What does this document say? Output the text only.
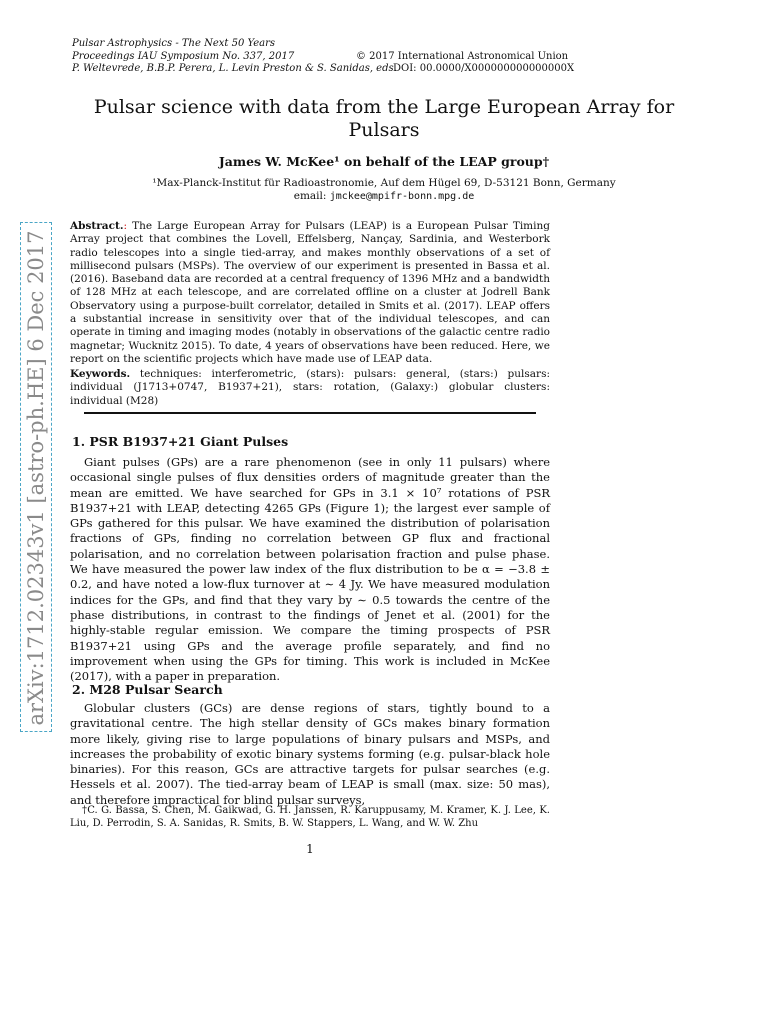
arXiv:1712.02343v1 [astro-ph.HE] 6 Dec 2017
Pulsar Astrophysics - The Next 50 Years
Proceedings IAU Symposium No. 337, 2017
P. Weltevrede, B.B.P. Perera, L. Levin Preston & S. Sanidas, eds.
© 2017 International Astronomical Union
DOI: 00.0000/X000000000000000X
Pulsar science with data from the Large European Array for Pulsars
James W. McKee¹ on behalf of the LEAP group†
¹Max-Planck-Institut für Radioastronomie, Auf dem Hügel 69, D-53121 Bonn, Germany
email: jmckee@mpifr-bonn.mpg.de
Abstract.: The Large European Array for Pulsars (LEAP) is a European Pulsar Timing Array project that combines the Lovell, Effelsberg, Nançay, Sardinia, and Westerbork radio telescopes into a single tied-array, and makes monthly observations of a set of millisecond pulsars (MSPs). The overview of our experiment is presented in Bassa et al. (2016). Baseband data are recorded at a central frequency of 1396 MHz and a bandwidth of 128 MHz at each telescope, and are correlated offline on a cluster at Jodrell Bank Observatory using a purpose-built correlator, detailed in Smits et al. (2017). LEAP offers a substantial increase in sensitivity over that of the individual telescopes, and can operate in timing and imaging modes (notably in observations of the galactic centre radio magnetar; Wucknitz 2015). To date, 4 years of observations have been reduced. Here, we report on the scientific projects which have made use of LEAP data.
Keywords. techniques: interferometric, (stars): pulsars: general, (stars:) pulsars: individual (J1713+0747, B1937+21), stars: rotation, (Galaxy:) globular clusters: individual (M28)
1. PSR B1937+21 Giant Pulses
Giant pulses (GPs) are a rare phenomenon (see in only 11 pulsars) where occasional single pulses of flux densities orders of magnitude greater than the mean are emitted. We have searched for GPs in 3.1 × 10⁷ rotations of PSR B1937+21 with LEAP, detecting 4265 GPs (Figure 1); the largest ever sample of GPs gathered for this pulsar. We have examined the distribution of polarisation fractions of GPs, finding no correlation between GP flux and fractional polarisation, and no correlation between polarisation fraction and pulse phase. We have measured the power law index of the flux distribution to be α = −3.8 ± 0.2, and have noted a low-flux turnover at ∼ 4 Jy. We have measured modulation indices for the GPs, and find that they vary by ∼ 0.5 towards the centre of the phase distributions, in contrast to the findings of Jenet et al. (2001) for the highly-stable regular emission. We compare the timing prospects of PSR B1937+21 using GPs and the average profile separately, and find no improvement when using the GPs for timing. This work is included in McKee (2017), with a paper in preparation.
2. M28 Pulsar Search
Globular clusters (GCs) are dense regions of stars, tightly bound to a gravitational centre. The high stellar density of GCs makes binary formation more likely, giving rise to large populations of binary pulsars and MSPs, and increases the probability of exotic binary systems forming (e.g. pulsar-black hole binaries). For this reason, GCs are attractive targets for pulsar searches (e.g. Hessels et al. 2007). The tied-array beam of LEAP is small (max. size: 50 mas), and therefore impractical for blind pulsar surveys,
†C. G. Bassa, S. Chen, M. Gaikwad, G. H. Janssen, R. Karuppusamy, M. Kramer, K. J. Lee, K. Liu, D. Perrodin, S. A. Sanidas, R. Smits, B. W. Stappers, L. Wang, and W. W. Zhu
1
